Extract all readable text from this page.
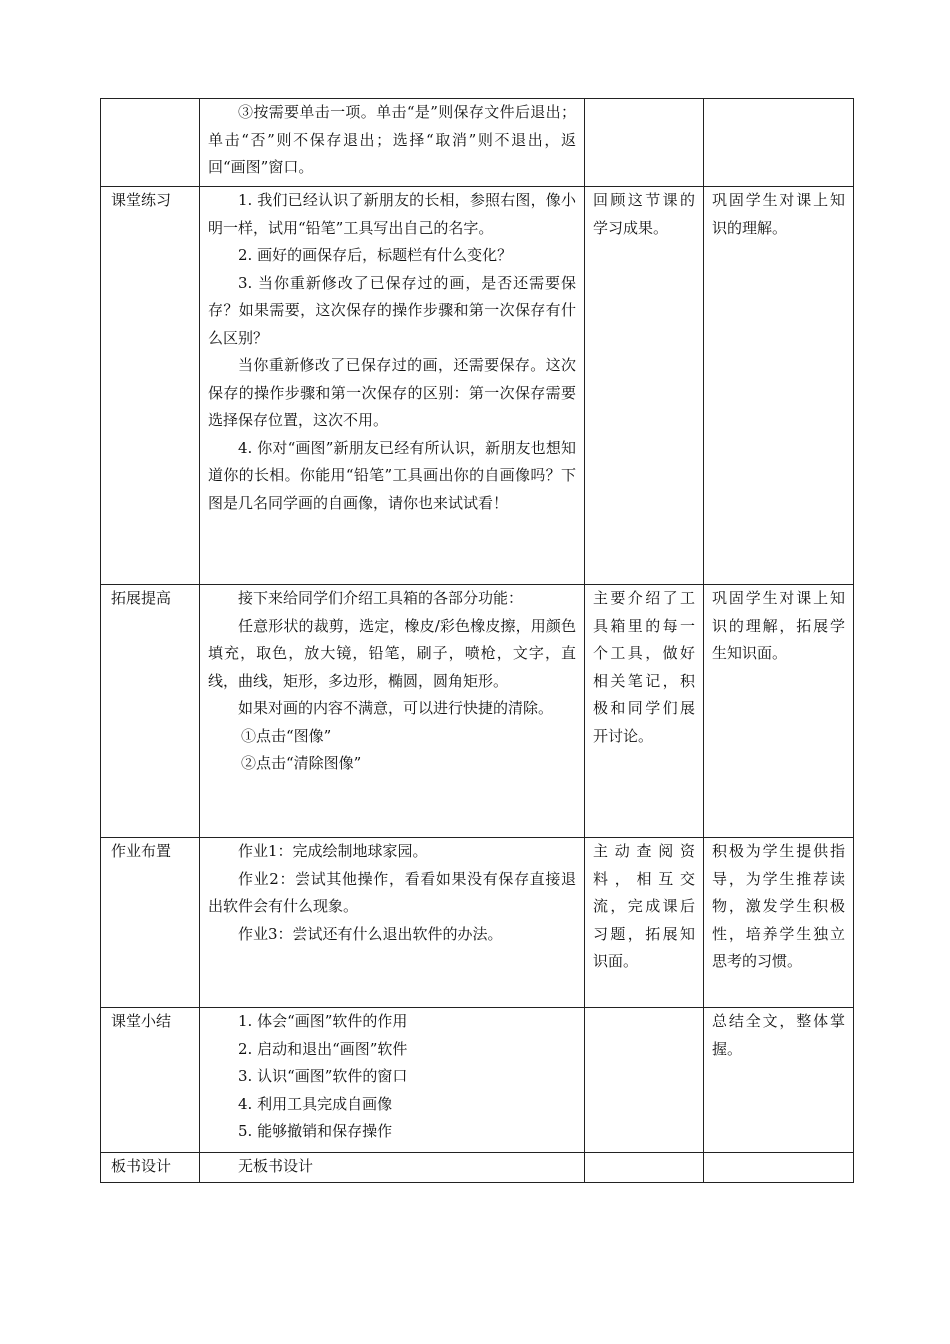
	③按需要单击一项。单击“是”则保存文件后退出；单击“否”则不保存退出；选择“取消”则不退出，返回“画图”窗口。		

课堂练习	1. 我们已经认识了新朋友的长相，参照右图，像小明一样，试用“铅笔”工具写出自己的名字。

2. 画好的画保存后，标题栏有什么变化？

3. 当你重新修改了已保存过的画，是否还需要保存？如果需要，这次保存的操作步骤和第一次保存有什么区别？

当你重新修改了已保存过的画，还需要保存。这次保存的操作步骤和第一次保存的区别：第一次保存需要选择保存位置，这次不用。

4. 你对“画图”新朋友已经有所认识，新朋友也想知道你的长相。你能用“铅笔”工具画出你的自画像吗？下图是几名同学画的自画像，请你也来试试看！	回顾这节课的学习成果。	巩固学生对课上知识的理解。
拓展提高	接下来给同学们介绍工具箱的各部分功能：

任意形状的裁剪，选定，橡皮/彩色橡皮擦，用颜色填充，取色，放大镜，铅笔，刷子，喷枪，文字，直线，曲线，矩形，多边形，椭圆，圆角矩形。

如果对画的内容不满意，可以进行快捷的清除。

①点击“图像”

②点击“清除图像”	主要介绍了工具箱里的每一个工具，做好相关笔记，积极和同学们展开讨论。	巩固学生对课上知识的理解，拓展学生知识面。
作业布置	作业1：完成绘制地球家园。

作业2：尝试其他操作，看看如果没有保存直接退出软件会有什么现象。

作业3：尝试还有什么退出软件的办法。	主动查阅资料，相互交流，完成课后习题，拓展知识面。	积极为学生提供指导，为学生推荐读物，激发学生积极性，培养学生独立思考的习惯。
课堂小结	1. 体会“画图”软件的作用

2. 启动和退出“画图”软件

3. 认识“画图”软件的窗口

4. 利用工具完成自画像

5. 能够撤销和保存操作		总结全文，整体掌握。
板书设计	无板书设计		
